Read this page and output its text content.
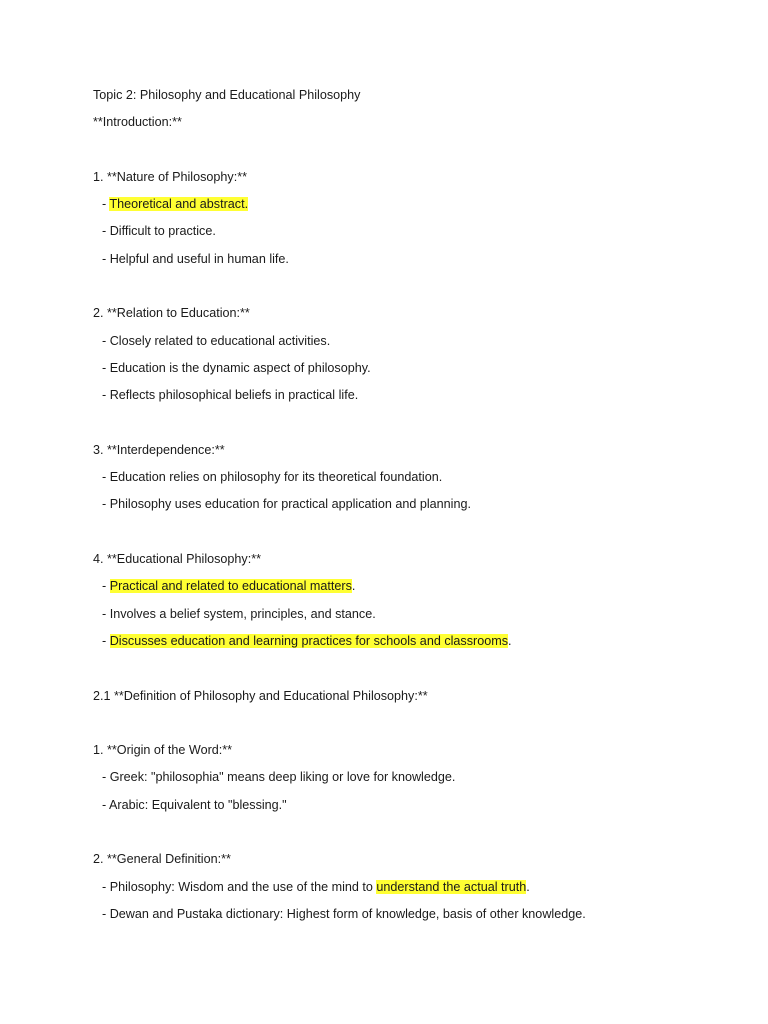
Topic 2: Philosophy and Educational Philosophy
**Introduction:**
1. **Nature of Philosophy:**
- Theoretical and abstract.
- Difficult to practice.
- Helpful and useful in human life.
2. **Relation to Education:**
- Closely related to educational activities.
- Education is the dynamic aspect of philosophy.
- Reflects philosophical beliefs in practical life.
3. **Interdependence:**
- Education relies on philosophy for its theoretical foundation.
- Philosophy uses education for practical application and planning.
4. **Educational Philosophy:**
- Practical and related to educational matters.
- Involves a belief system, principles, and stance.
- Discusses education and learning practices for schools and classrooms.
2.1 **Definition of Philosophy and Educational Philosophy:**
1. **Origin of the Word:**
- Greek: "philosophia" means deep liking or love for knowledge.
- Arabic: Equivalent to "blessing."
2. **General Definition:**
- Philosophy: Wisdom and the use of the mind to understand the actual truth.
- Dewan and Pustaka dictionary: Highest form of knowledge, basis of other knowledge.
